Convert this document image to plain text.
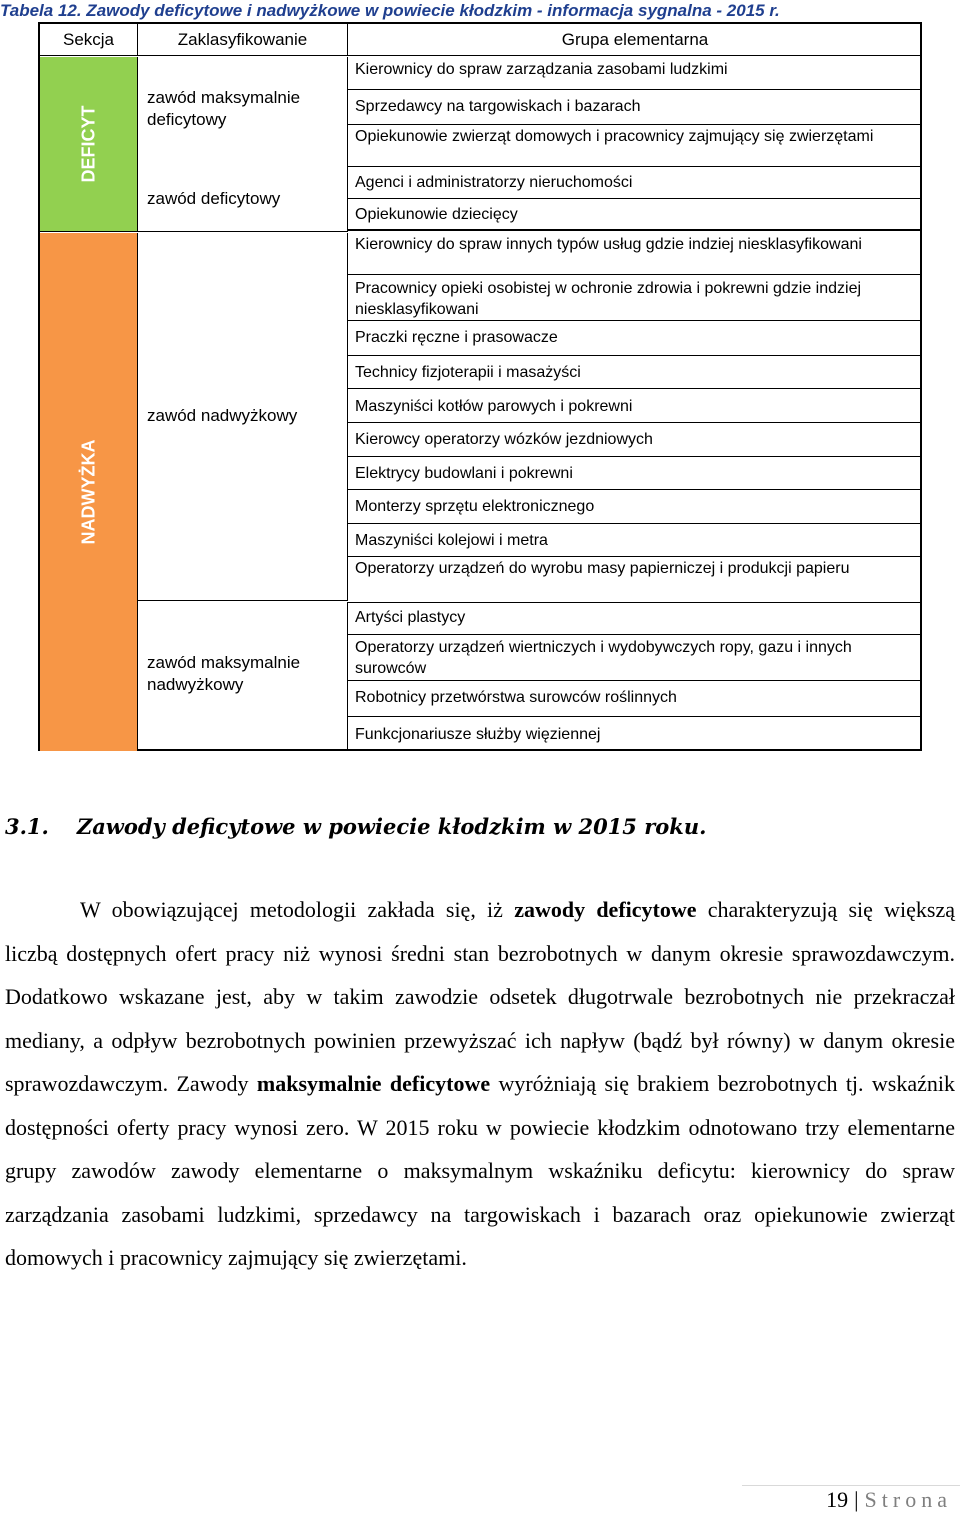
Tabela 12. Zawody deficytowe i nadwyżkowe w powiecie kłodzkim - informacja sygnalna - 2015 r.
Sekcja	Zaklasyfikowanie	Grupa elementarna
DEFICYT
NADWYŻKA
zawód maksymalnie deficytowy
zawód deficytowy
zawód nadwyżkowy
zawód maksymalnie nadwyżkowy
Kierownicy do spraw zarządzania zasobami ludzkimi
Sprzedawcy na targowiskach i bazarach
Opiekunowie zwierząt domowych i pracownicy zajmujący się zwierzętami
Agenci i administratorzy nieruchomości
Opiekunowie dziecięcy
Kierownicy do spraw innych typów usług gdzie indziej niesklasyfikowani
Pracownicy opieki osobistej w ochronie zdrowia i pokrewni gdzie indziej niesklasyfikowani
Praczki ręczne i prasowacze
Technicy fizjoterapii i masażyści
Maszyniści kotłów parowych i pokrewni
Kierowcy operatorzy wózków jezdniowych
Elektrycy budowlani i pokrewni
Monterzy sprzętu elektronicznego
Maszyniści kolejowi i metra
Operatorzy urządzeń do wyrobu masy papierniczej i produkcji papieru
Artyści plastycy
Operatorzy urządzeń wiertniczych i wydobywczych ropy, gazu i innych surowców
Robotnicy przetwórstwa surowców roślinnych
Funkcjonariusze służby więziennej
3.1. Zawody deficytowe w powiecie kłodzkim w 2015 roku.
W obowiązującej metodologii zakłada się, iż zawody deficytowe charakteryzują się większą liczbą dostępnych ofert pracy niż wynosi średni stan bezrobotnych w danym okresie sprawozdawczym. Dodatkowo wskazane jest, aby w takim zawodzie odsetek długotrwale bezrobotnych nie przekraczał mediany, a odpływ bezrobotnych powinien przewyższać ich napływ (bądź był równy) w danym okresie sprawozdawczym. Zawody maksymalnie deficytowe wyróżniają się brakiem bezrobotnych tj. wskaźnik dostępności oferty pracy wynosi zero. W 2015 roku w powiecie kłodzkim odnotowano trzy elementarne grupy zawodów zawody elementarne o maksymalnym wskaźniku deficytu: kierownicy do spraw zarządzania zasobami ludzkimi, sprzedawcy na targowiskach i bazarach oraz opiekunowie zwierząt domowych i pracownicy zajmujący się zwierzętami.
19 | Strona
